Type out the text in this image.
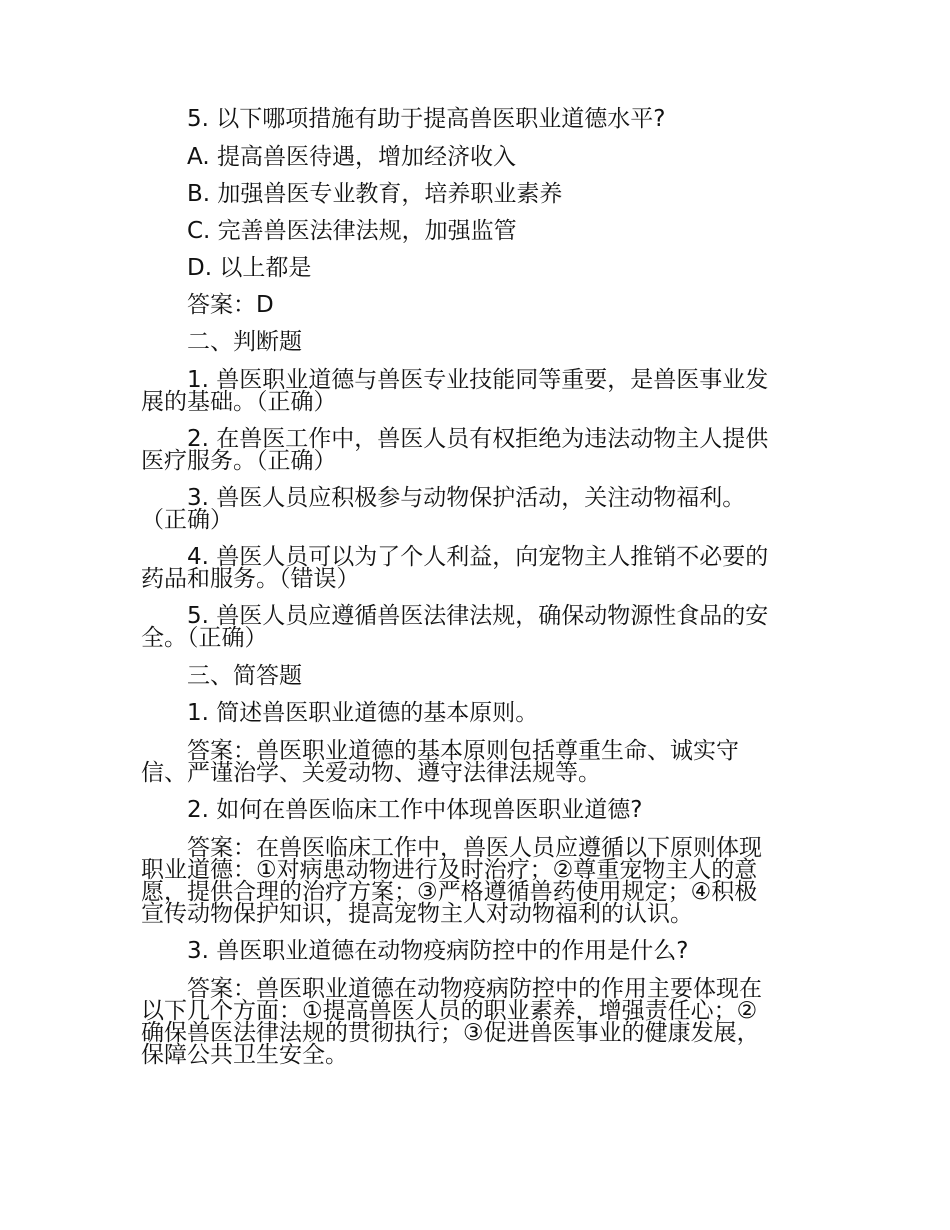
5. 以下哪项措施有助于提高兽医职业道德水平?
A. 提高兽医待遇，增加经济收入
B. 加强兽医专业教育，培养职业素养
C. 完善兽医法律法规，加强监管
D. 以上都是
答案：D
二、判断题
1. 兽医职业道德与兽医专业技能同等重要，是兽医事业发
展的基础。（正确）
2. 在兽医工作中，兽医人员有权拒绝为违法动物主人提供
医疗服务。（正确）
3. 兽医人员应积极参与动物保护活动，关注动物福利。
（正确）
4. 兽医人员可以为了个人利益，向宠物主人推销不必要的
药品和服务。（错误）
5. 兽医人员应遵循兽医法律法规，确保动物源性食品的安
全。（正确）
三、简答题
1. 简述兽医职业道德的基本原则。
答案：兽医职业道德的基本原则包括尊重生命、诚实守
信、严谨治学、关爱动物、遵守法律法规等。
2. 如何在兽医临床工作中体现兽医职业道德?
答案：在兽医临床工作中，兽医人员应遵循以下原则体现
职业道德：①对病患动物进行及时治疗；②尊重宠物主人的意
愿，提供合理的治疗方案；③严格遵循兽药使用规定；④积极
宣传动物保护知识，提高宠物主人对动物福利的认识。
3. 兽医职业道德在动物疫病防控中的作用是什么?
答案：兽医职业道德在动物疫病防控中的作用主要体现在
以下几个方面：①提高兽医人员的职业素养，增强责任心；②
确保兽医法律法规的贯彻执行；③促进兽医事业的健康发展，
保障公共卫生安全。
